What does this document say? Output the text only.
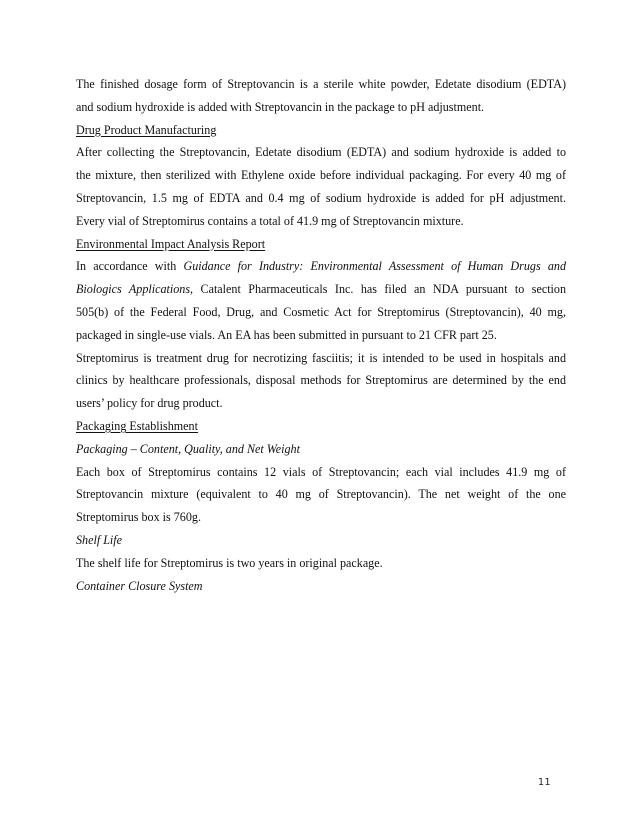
The finished dosage form of Streptovancin is a sterile white powder, Edetate disodium (EDTA)
and sodium hydroxide is added with Streptovancin in the package to pH adjustment.
Drug Product Manufacturing
After collecting the Streptovancin, Edetate disodium (EDTA) and sodium hydroxide is added to
the mixture, then sterilized with Ethylene oxide before individual packaging. For every 40 mg of
Streptovancin, 1.5 mg of EDTA and 0.4 mg of sodium hydroxide is added for pH adjustment.
Every vial of Streptomirus contains a total of 41.9 mg of Streptovancin mixture.
Environmental Impact Analysis Report
In accordance with Guidance for Industry: Environmental Assessment of Human Drugs and
Biologics Applications, Catalent Pharmaceuticals Inc. has filed an NDA pursuant to section
505(b) of the Federal Food, Drug, and Cosmetic Act for Streptomirus (Streptovancin), 40 mg,
packaged in single-use vials. An EA has been submitted in pursuant to 21 CFR part 25.
Streptomirus is treatment drug for necrotizing fasciitis; it is intended to be used in hospitals and
clinics by healthcare professionals, disposal methods for Streptomirus are determined by the end
users’ policy for drug product.
Packaging Establishment
Packaging – Content, Quality, and Net Weight
Each box of Streptomirus contains 12 vials of Streptovancin; each vial includes 41.9 mg of
Streptovancin mixture (equivalent to 40 mg of Streptovancin). The net weight of the one
Streptomirus box is 760g.
Shelf Life
The shelf life for Streptomirus is two years in original package.
Container Closure System
11
